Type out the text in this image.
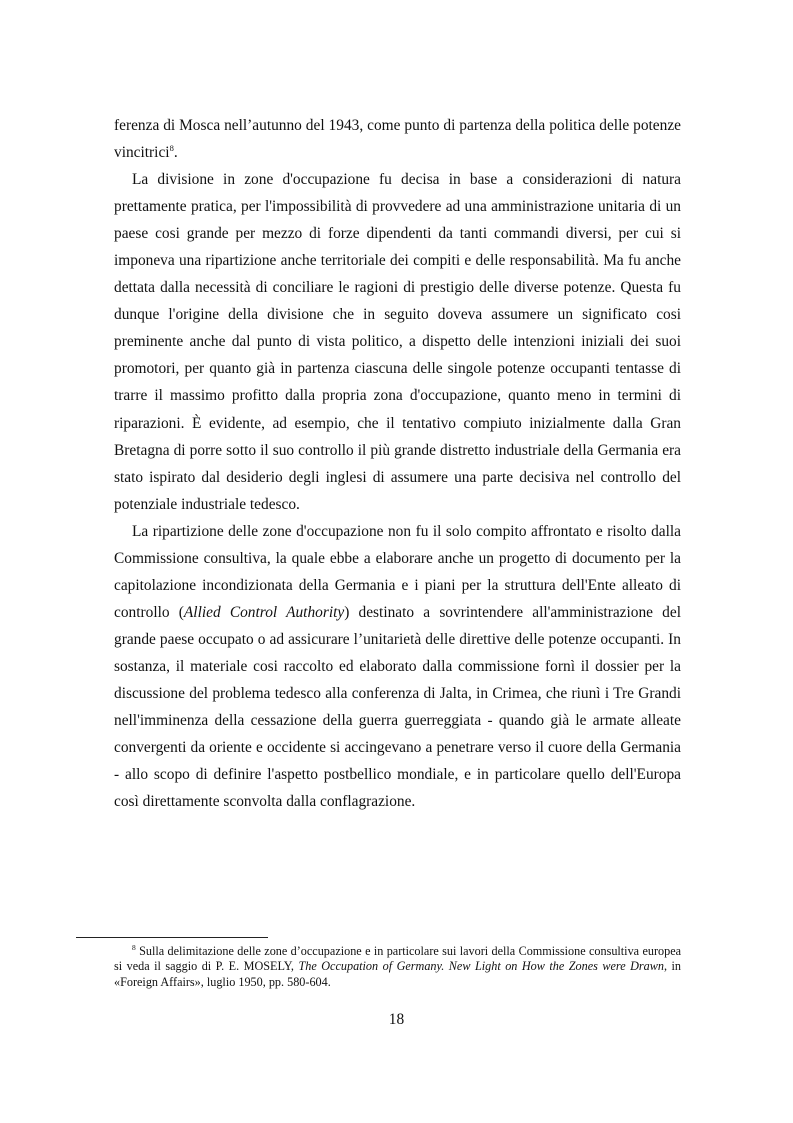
ferenza di Mosca nell’autunno del 1943, come punto di partenza della politica delle potenze vincitrici$^8$.

La divisione in zone d'occupazione fu decisa in base a considerazioni di natura prettamente pratica, per l'impossibilità di provvedere ad una amministrazione unitaria di un paese cosi grande per mezzo di forze dipendenti da tanti commandi diversi, per cui si imponeva una ripartizione anche territoriale dei compiti e delle responsabilità. Ma fu anche dettata dalla necessità di conciliare le ragioni di prestigio delle diverse potenze. Questa fu dunque l'origine della divisione che in seguito doveva assumere un significato cosi preminente anche dal punto di vista politico, a dispetto delle intenzioni iniziali dei suoi promotori, per quanto già in partenza ciascuna delle singole potenze occupanti tentasse di trarre il massimo profitto dalla propria zona d'occupazione, quanto meno in termini di riparazioni. È evidente, ad esempio, che il tentativo compiuto inizialmente dalla Gran Bretagna di porre sotto il suo controllo il più grande distretto industriale della Germania era stato ispirato dal desiderio degli inglesi di assumere una parte decisiva nel controllo del potenziale industriale tedesco.

La ripartizione delle zone d'occupazione non fu il solo compito affrontato e risolto dalla Commissione consultiva, la quale ebbe a elaborare anche un progetto di documento per la capitolazione incondizionata della Germania e i piani per la struttura dell'Ente alleato di controllo (Allied Control Authority) destinato a sovrintendere all'amministrazione del grande paese occupato o ad assicurare l’unitarietà delle direttive delle potenze occupanti. In sostanza, il materiale cosi raccolto ed elaborato dalla commissione fornì il dossier per la discussione del problema tedesco alla conferenza di Jalta, in Crimea, che riunì i Tre Grandi nell'imminenza della cessazione della guerra guerreggiata - quando già le armate alleate convergenti da oriente e occidente si accingevano a penetrare verso il cuore della Germania - allo scopo di definire l'aspetto postbellico mondiale, e in particolare quello dell'Europa così direttamente sconvolta dalla conflagrazione.

$^8$ Sulla delimitazione delle zone d’occupazione e in particolare sui lavori della Commissione consultiva europea si veda il saggio di P. E. MOSELY, The Occupation of Germany. New Light on How the Zones were Drawn, in «Foreign Affairs», luglio 1950, pp. 580-604.
18
